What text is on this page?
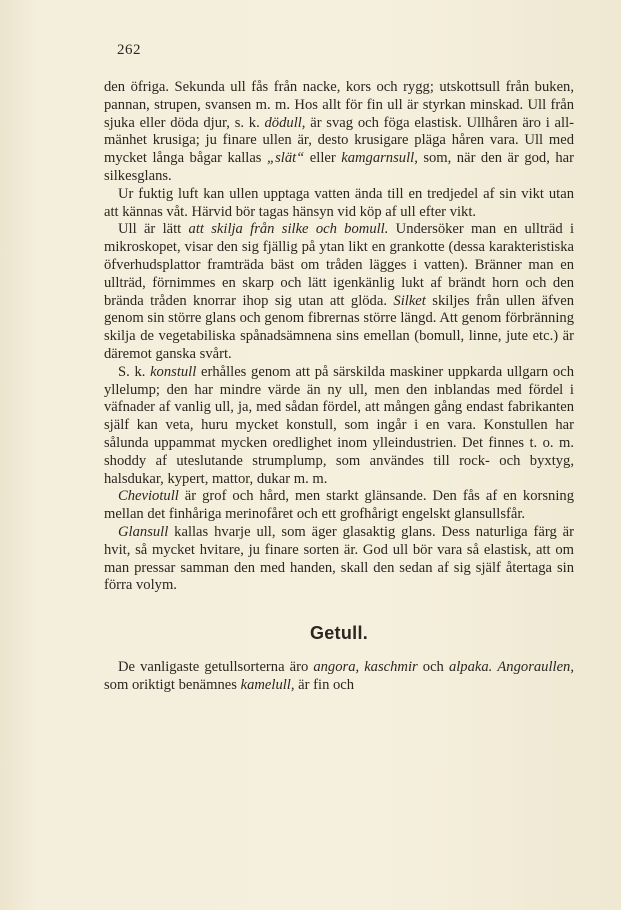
262

den öfriga. Sekunda ull fås från nacke, kors och rygg; utskottsull från buken, pannan, strupen, svansen m. m. Hos allt för fin ull är styrkan minskad. Ull från sjuka eller döda djur, s. k. dödull, är svag och föga elastisk. Ullhåren äro i allmänhet krusiga; ju finare ullen är, desto krusigare pläga håren vara. Ull med mycket långa bågar kallas „slät“ eller kamgarnsull, som, när den är god, har silkesglans.

Ur fuktig luft kan ullen upptaga vatten ända till en tredjedel af sin vikt utan att kännas våt. Härvid bör tagas hänsyn vid köp af ull efter vikt.

Ull är lätt att skilja från silke och bomull. Undersöker man en ullträd i mikroskopet, visar den sig fjällig på ytan likt en grankotte (dessa karakteristiska öfverhudsplattor framträda bäst om tråden lägges i vatten). Bränner man en ullträd, förnimmes en skarp och lätt igenkänlig lukt af brändt horn och den brända tråden knorrar ihop sig utan att glöda. Silket skiljes från ullen äfven genom sin större glans och genom fibrernas större längd. Att genom förbränning skilja de vegetabiliska spånadsämnena sins emellan (bomull, linne, jute etc.) är däremot ganska svårt.

S. k. konstull erhålles genom att på särskilda maskiner uppkarda ullgarn och yllelump; den har mindre värde än ny ull, men den inblandas med fördel i väfnader af vanlig ull, ja, med sådan fördel, att mången gång endast fabrikanten själf kan veta, huru mycket konstull, som ingår i en vara. Konstullen har sålunda uppammat mycken oredlighet inom ylleindustrien. Det finnes t. o. m. shoddy af uteslutande strumplump, som användes till rock- och byxtyg, halsdukar, kypert, mattor, dukar m. m.

Cheviotull är grof och hård, men starkt glänsande. Den fås af en korsning mellan det finhåriga merinofåret och ett grofhårigt engelskt glansullsfår.

Glansull kallas hvarje ull, som äger glasaktig glans. Dess naturliga färg är hvit, så mycket hvitare, ju finare sorten är. God ull bör vara så elastisk, att om man pressar samman den med handen, skall den sedan af sig själf återtaga sin förra volym.

Getull.

De vanligaste getullsorterna äro angora, kaschmir och alpaka. Angoraullen, som oriktigt benämnes kamelull, är fin och
